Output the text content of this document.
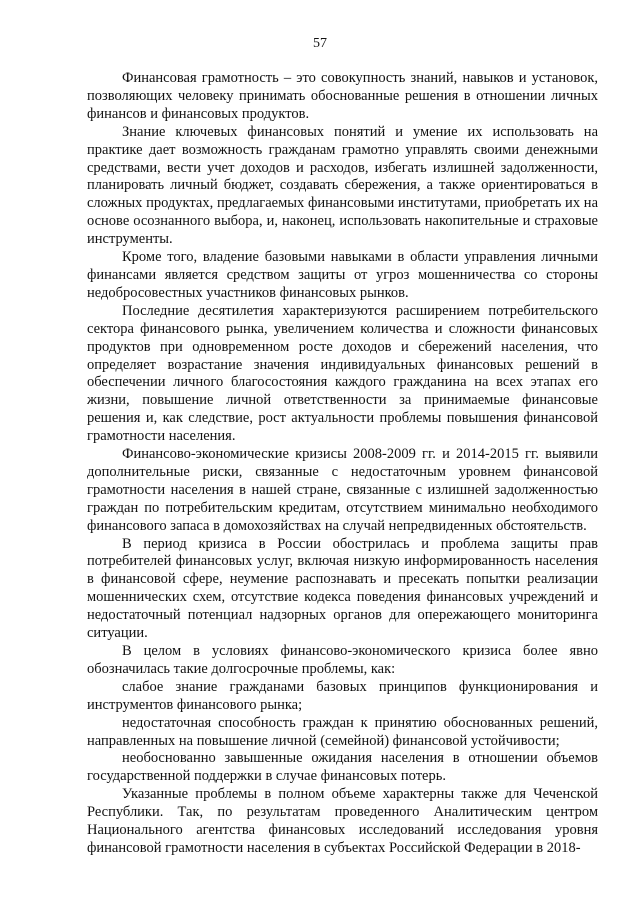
57

Финансовая грамотность – это совокупность знаний, навыков и установок, позволяющих человеку принимать обоснованные решения в отношении личных финансов и финансовых продуктов.

Знание ключевых финансовых понятий и умение их использовать на практике дает возможность гражданам грамотно управлять своими денежными средствами, вести учет доходов и расходов, избегать излишней задолженности, планировать личный бюджет, создавать сбережения, а также ориентироваться в сложных продуктах, предлагаемых финансовыми институтами, приобретать их на основе осознанного выбора, и, наконец, использовать накопительные и страховые инструменты.

Кроме того, владение базовыми навыками в области управления личными финансами является средством защиты от угроз мошенничества со стороны недобросовестных участников финансовых рынков.

Последние десятилетия характеризуются расширением потребительского сектора финансового рынка, увеличением количества и сложности финансовых продуктов при одновременном росте доходов и сбережений населения, что определяет возрастание значения индивидуальных финансовых решений в обеспечении личного благосостояния каждого гражданина на всех этапах его жизни, повышение личной ответственности за принимаемые финансовые решения и, как следствие, рост актуальности проблемы повышения финансовой грамотности населения.

Финансово-экономические кризисы 2008-2009 гг. и 2014-2015 гг. выявили дополнительные риски, связанные с недостаточным уровнем финансовой грамотности населения в нашей стране, связанные с излишней задолженностью граждан по потребительским кредитам, отсутствием минимально необходимого финансового запаса в домохозяйствах на случай непредвиденных обстоятельств.

В период кризиса в России обострилась и проблема защиты прав потребителей финансовых услуг, включая низкую информированность населения в финансовой сфере, неумение распознавать и пресекать попытки реализации мошеннических схем, отсутствие кодекса поведения финансовых учреждений и недостаточный потенциал надзорных органов для опережающего мониторинга ситуации.

В целом в условиях финансово-экономического кризиса более явно обозначилась такие долгосрочные проблемы, как:

слабое знание гражданами базовых принципов функционирования и инструментов финансового рынка;

недостаточная способность граждан к принятию обоснованных решений, направленных на повышение личной (семейной) финансовой устойчивости;

необоснованно завышенные ожидания населения в отношении объемов государственной поддержки в случае финансовых потерь.

Указанные проблемы в полном объеме характерны также для Чеченской Республики. Так, по результатам проведенного Аналитическим центром Национального агентства финансовых исследований исследования уровня финансовой грамотности населения в субъектах Российской Федерации в 2018-
